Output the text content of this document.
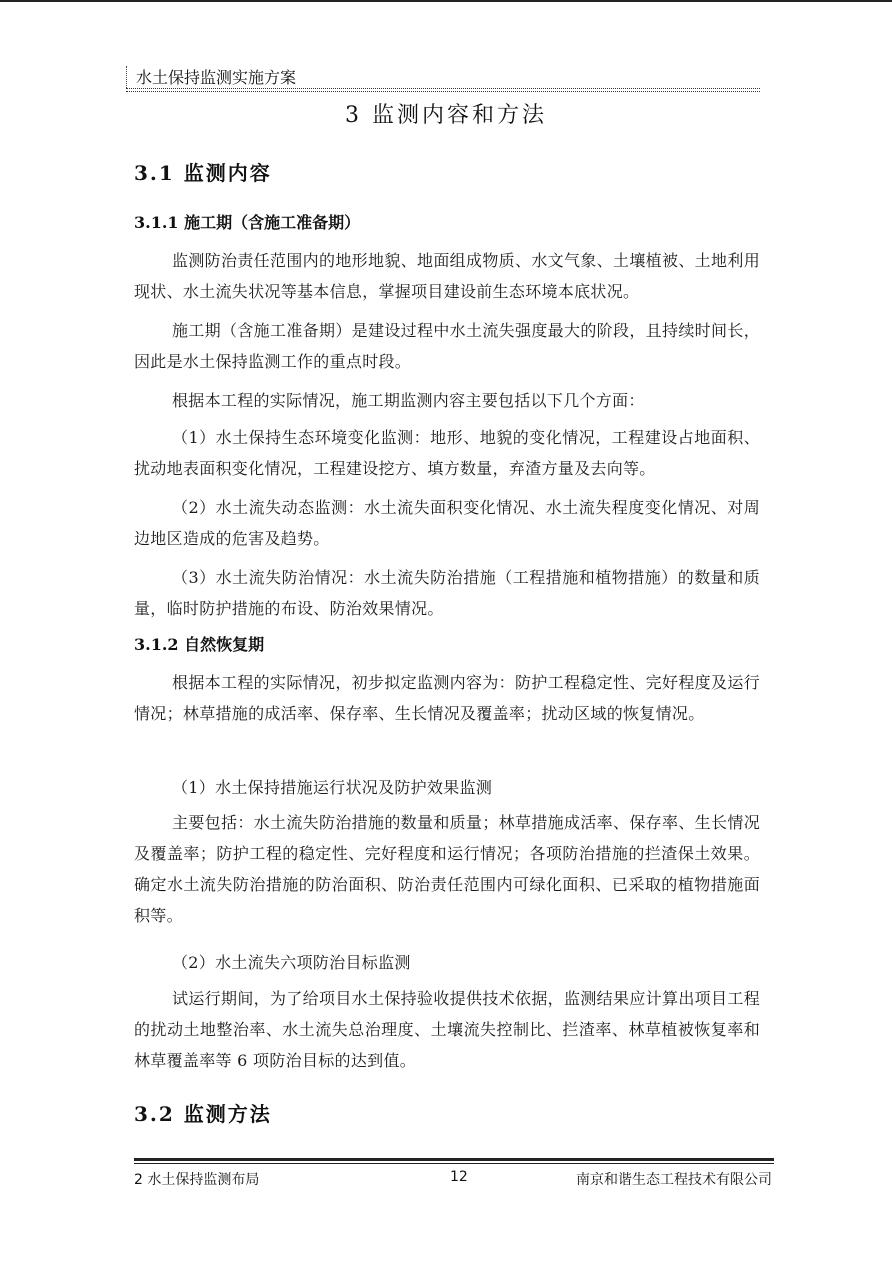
水土保持监测实施方案
3 监测内容和方法
3.1 监测内容
3.1.1 施工期（含施工准备期）

监测防治责任范围内的地形地貌、地面组成物质、水文气象、土壤植被、土地利用现状、水土流失状况等基本信息，掌握项目建设前生态环境本底状况。

施工期（含施工准备期）是建设过程中水土流失强度最大的阶段，且持续时间长，因此是水土保持监测工作的重点时段。

根据本工程的实际情况，施工期监测内容主要包括以下几个方面：

（1）水土保持生态环境变化监测：地形、地貌的变化情况，工程建设占地面积、扰动地表面积变化情况，工程建设挖方、填方数量，弃渣方量及去向等。

（2）水土流失动态监测：水土流失面积变化情况、水土流失程度变化情况、对周边地区造成的危害及趋势。

（3）水土流失防治情况：水土流失防治措施（工程措施和植物措施）的数量和质量，临时防护措施的布设、防治效果情况。

3.1.2 自然恢复期

根据本工程的实际情况，初步拟定监测内容为：防护工程稳定性、完好程度及运行情况；林草措施的成活率、保存率、生长情况及覆盖率；扰动区域的恢复情况。

（1）水土保持措施运行状况及防护效果监测

主要包括：水土流失防治措施的数量和质量；林草措施成活率、保存率、生长情况及覆盖率；防护工程的稳定性、完好程度和运行情况；各项防治措施的拦渣保土效果。确定水土流失防治措施的防治面积、防治责任范围内可绿化面积、已采取的植物措施面积等。

（2）水土流失六项防治目标监测

试运行期间，为了给项目水土保持验收提供技术依据，监测结果应计算出项目工程的扰动土地整治率、水土流失总治理度、土壤流失控制比、拦渣率、林草植被恢复率和林草覆盖率等 6 项防治目标的达到值。

3.2 监测方法
2 水土保持监测布局	12	南京和谐生态工程技术有限公司
